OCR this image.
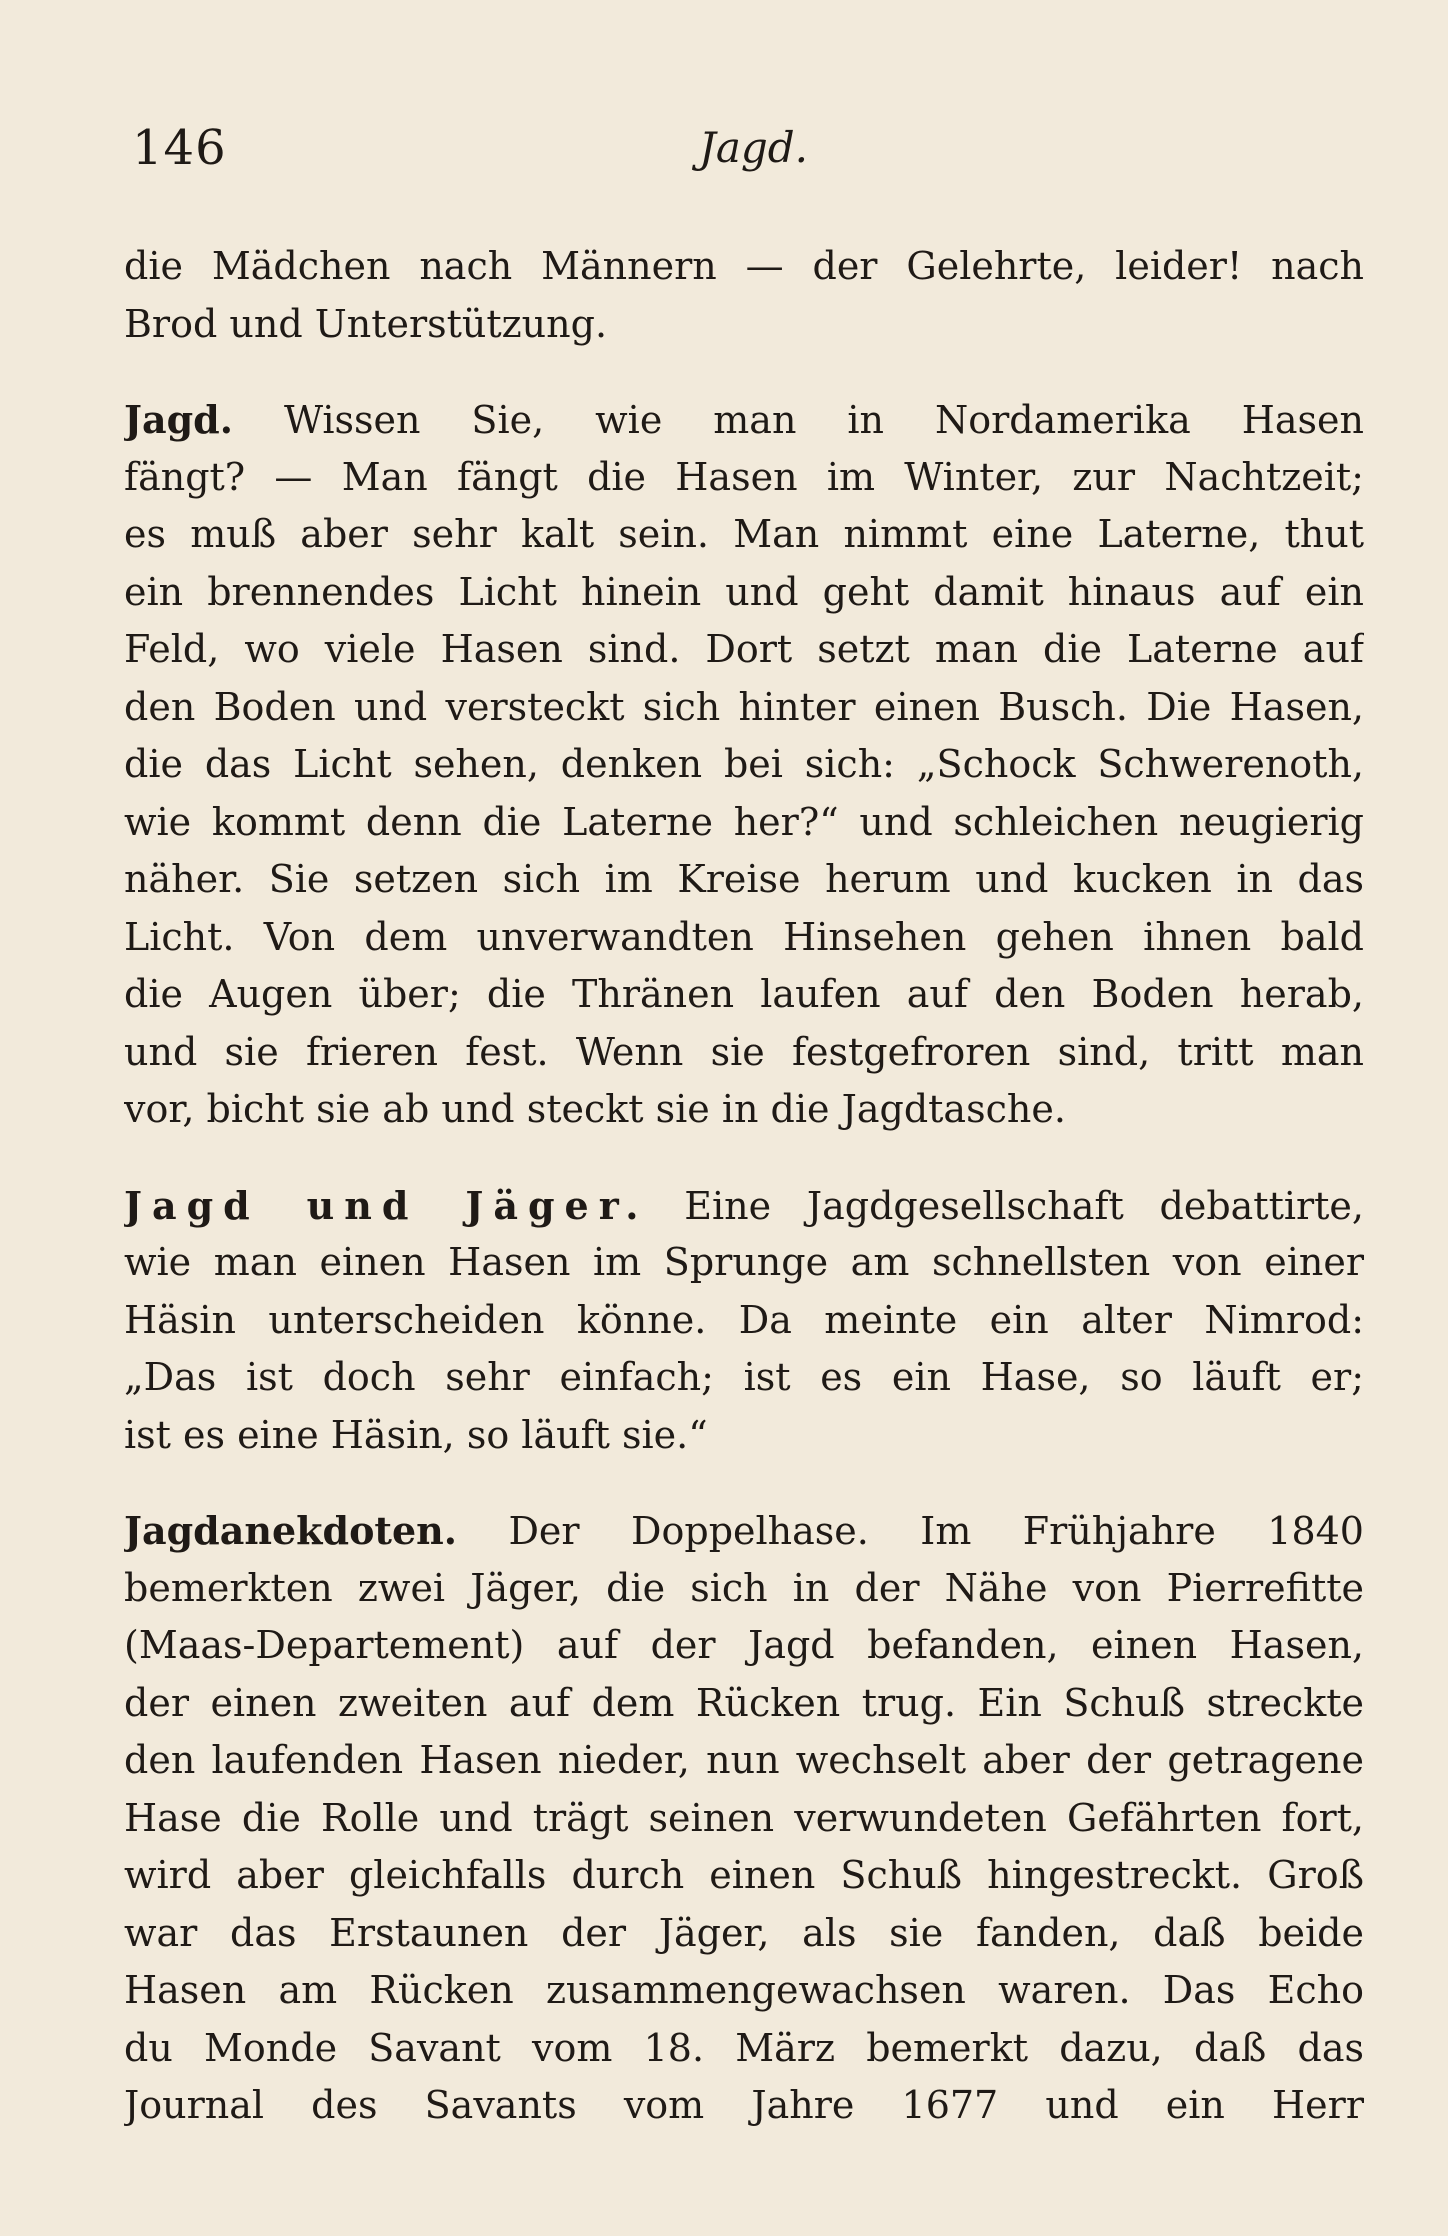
146	Jagd.
die Mädchen nach Männern — der Gelehrte, leider! nach
Brod und Unterstützung.
Jagd. Wissen Sie, wie man in Nordamerika Hasen
fängt? — Man fängt die Hasen im Winter, zur Nachtzeit;
es muß aber sehr kalt sein. Man nimmt eine Laterne, thut
ein brennendes Licht hinein und geht damit hinaus auf ein
Feld, wo viele Hasen sind. Dort setzt man die Laterne auf
den Boden und versteckt sich hinter einen Busch. Die Hasen,
die das Licht sehen, denken bei sich: „Schock Schwerenoth,
wie kommt denn die Laterne her?“ und schleichen neugierig
näher. Sie setzen sich im Kreise herum und kucken in das
Licht. Von dem unverwandten Hinsehen gehen ihnen bald
die Augen über; die Thränen laufen auf den Boden herab,
und sie frieren fest. Wenn sie festgefroren sind, tritt man
vor, bicht sie ab und steckt sie in die Jagdtasche.
Jagd und Jäger. Eine Jagdgesellschaft debattirte,
wie man einen Hasen im Sprunge am schnellsten von einer
Häsin unterscheiden könne. Da meinte ein alter Nimrod:
„Das ist doch sehr einfach; ist es ein Hase, so läuft er;
ist es eine Häsin, so läuft sie.“
Jagdanekdoten. Der Doppelhase. Im Frühjahre 1840
bemerkten zwei Jäger, die sich in der Nähe von Pierrefitte
(Maas-Departement) auf der Jagd befanden, einen Hasen,
der einen zweiten auf dem Rücken trug. Ein Schuß streckte
den laufenden Hasen nieder, nun wechselt aber der getragene
Hase die Rolle und trägt seinen verwundeten Gefährten fort,
wird aber gleichfalls durch einen Schuß hingestreckt. Groß
war das Erstaunen der Jäger, als sie fanden, daß beide
Hasen am Rücken zusammengewachsen waren. Das Echo
du Monde Savant vom 18. März bemerkt dazu, daß das
Journal des Savants vom Jahre 1677 und ein Herr
